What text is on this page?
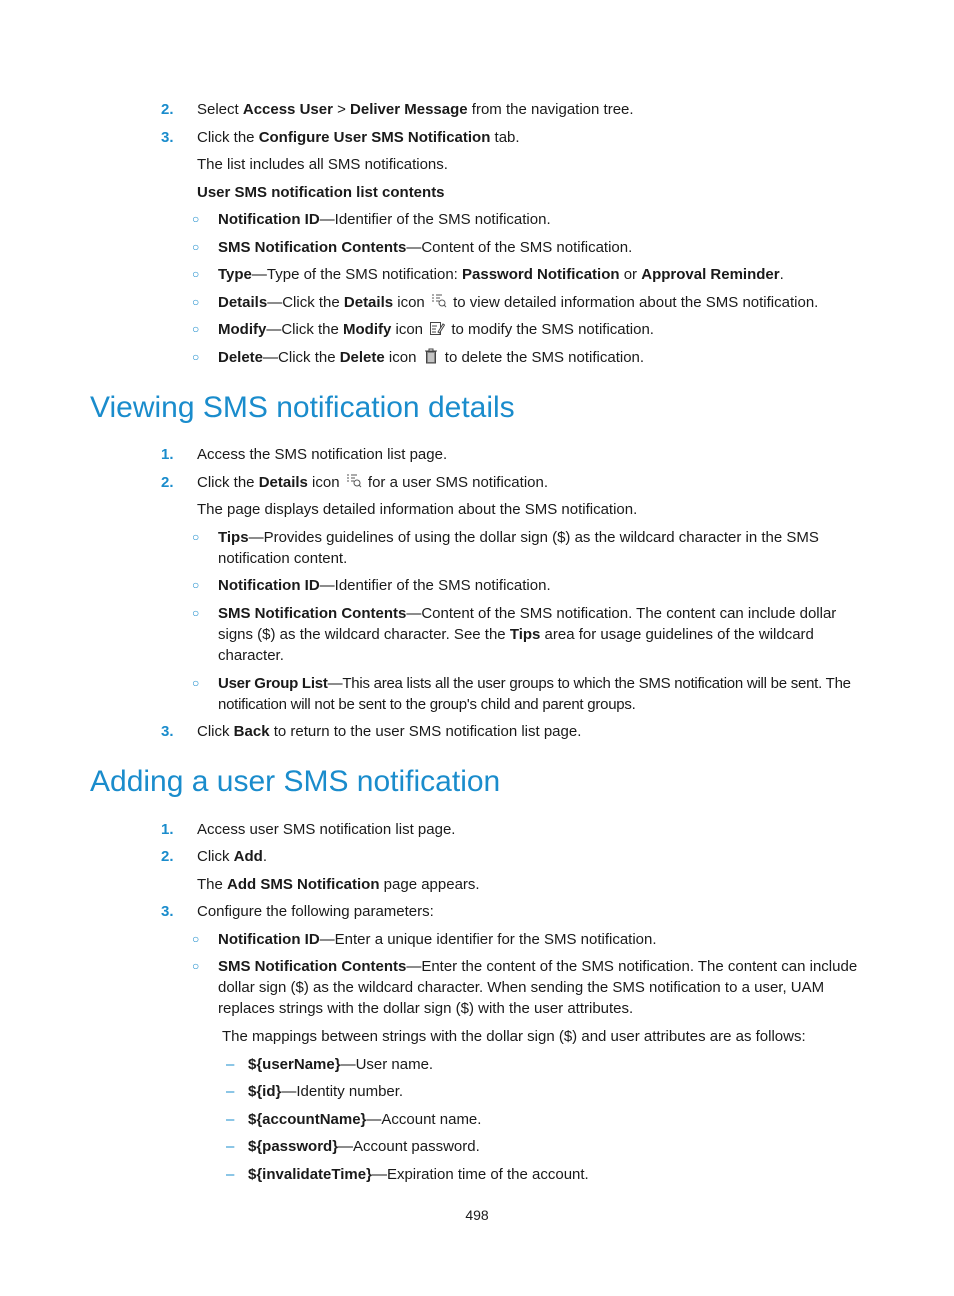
2.	Select Access User > Deliver Message from the navigation tree.
3.	Click the Configure User SMS Notification tab.
The list includes all SMS notifications.
User SMS notification list contents
○ Notification ID—Identifier of the SMS notification.
○ SMS Notification Contents—Content of the SMS notification.
○ Type—Type of the SMS notification: Password Notification or Approval Reminder.
○ Details—Click the Details icon  to view detailed information about the SMS notification.
○ Modify—Click the Modify icon  to modify the SMS notification.
○ Delete—Click the Delete icon  to delete the SMS notification.
Viewing SMS notification details
1.	Access the SMS notification list page.
2.	Click the Details icon  for a user SMS notification.
The page displays detailed information about the SMS notification.
○ Tips—Provides guidelines of using the dollar sign ($) as the wildcard character in the SMS notification content.
○ Notification ID—Identifier of the SMS notification.
○ SMS Notification Contents—Content of the SMS notification. The content can include dollar signs ($) as the wildcard character. See the Tips area for usage guidelines of the wildcard character.
○ User Group List—This area lists all the user groups to which the SMS notification will be sent. The notification will not be sent to the group's child and parent groups.
3.	Click Back to return to the user SMS notification list page.
Adding a user SMS notification
1.	Access user SMS notification list page.
2.	Click Add.
The Add SMS Notification page appears.
3.	Configure the following parameters:
○ Notification ID—Enter a unique identifier for the SMS notification.
○ SMS Notification Contents—Enter the content of the SMS notification. The content can include dollar sign ($) as the wildcard character. When sending the SMS notification to a user, UAM replaces strings with the dollar sign ($) with the user attributes.
The mappings between strings with the dollar sign ($) and user attributes are as follows:
– ${userName}—User name.
– ${id}—Identity number.
– ${accountName}—Account name.
– ${password}—Account password.
– ${invalidateTime}—Expiration time of the account.
498
